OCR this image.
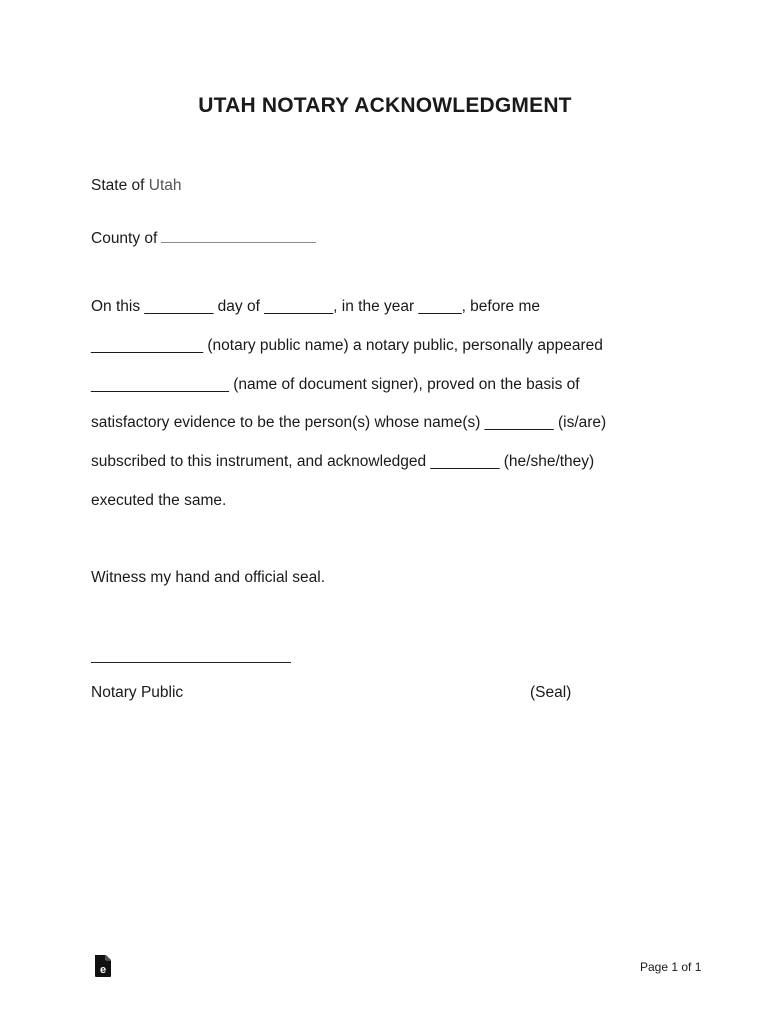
UTAH NOTARY ACKNOWLEDGMENT
State of Utah
County of
On this ________ day of ________, in the year _____, before me
_____________ (notary public name) a notary public, personally appeared
________________ (name of document signer), proved on the basis of
satisfactory evidence to be the person(s) whose name(s) ________ (is/are)
subscribed to this instrument, and acknowledged ________ (he/she/they)
executed the same.
Witness my hand and official seal.
Notary Public	(Seal)
e	Page 1 of 1
